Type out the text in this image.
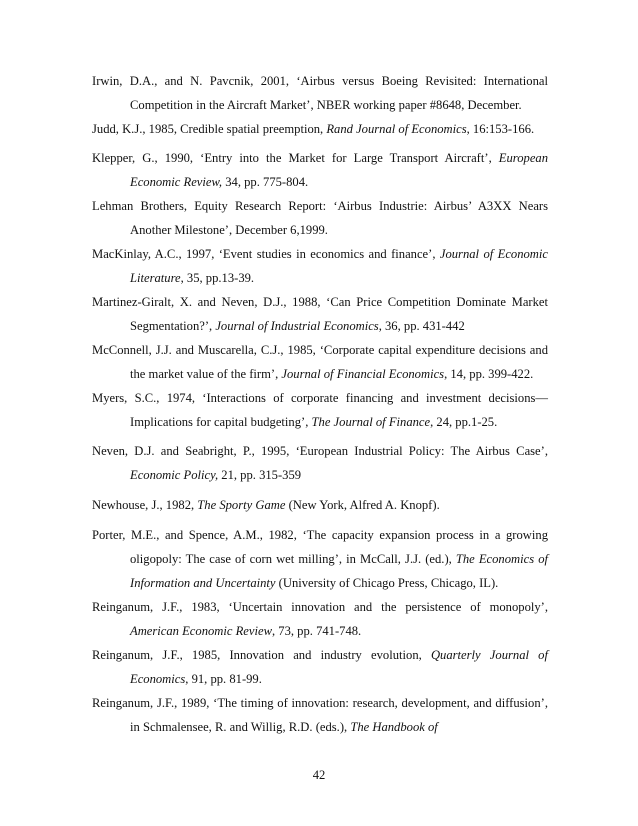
Irwin, D.A., and N. Pavcnik, 2001, ‘Airbus versus Boeing Revisited: International Competition in the Aircraft Market’, NBER working paper #8648, December.

Judd, K.J., 1985, Credible spatial preemption, Rand Journal of Economics, 16:153-166.

Klepper, G., 1990, ‘Entry into the Market for Large Transport Aircraft’, European Economic Review, 34, pp. 775-804.

Lehman Brothers, Equity Research Report: ‘Airbus Industrie: Airbus’ A3XX Nears Another Milestone’, December 6,1999.

MacKinlay, A.C., 1997, ‘Event studies in economics and finance’, Journal of Economic Literature, 35, pp.13-39.

Martinez-Giralt, X. and Neven, D.J., 1988, ‘Can Price Competition Dominate Market Segmentation?’, Journal of Industrial Economics, 36, pp. 431-442

McConnell, J.J. and Muscarella, C.J., 1985, ‘Corporate capital expenditure decisions and the market value of the firm’, Journal of Financial Economics, 14, pp. 399-422.

Myers, S.C., 1974, ‘Interactions of corporate financing and investment decisions—Implications for capital budgeting’, The Journal of Finance, 24, pp.1-25.

Neven, D.J. and Seabright, P., 1995, ‘European Industrial Policy: The Airbus Case’, Economic Policy, 21, pp. 315-359

Newhouse, J., 1982, The Sporty Game (New York, Alfred A. Knopf).

Porter, M.E., and Spence, A.M., 1982, ‘The capacity expansion process in a growing oligopoly: The case of corn wet milling’, in McCall, J.J. (ed.), The Economics of Information and Uncertainty (University of Chicago Press, Chicago, IL).

Reinganum, J.F., 1983, ‘Uncertain innovation and the persistence of monopoly’, American Economic Review, 73, pp. 741-748.

Reinganum, J.F., 1985, Innovation and industry evolution, Quarterly Journal of Economics, 91, pp. 81-99.

Reinganum, J.F., 1989, ‘The timing of innovation: research, development, and diffusion’, in Schmalensee, R. and Willig, R.D. (eds.), The Handbook of

42
